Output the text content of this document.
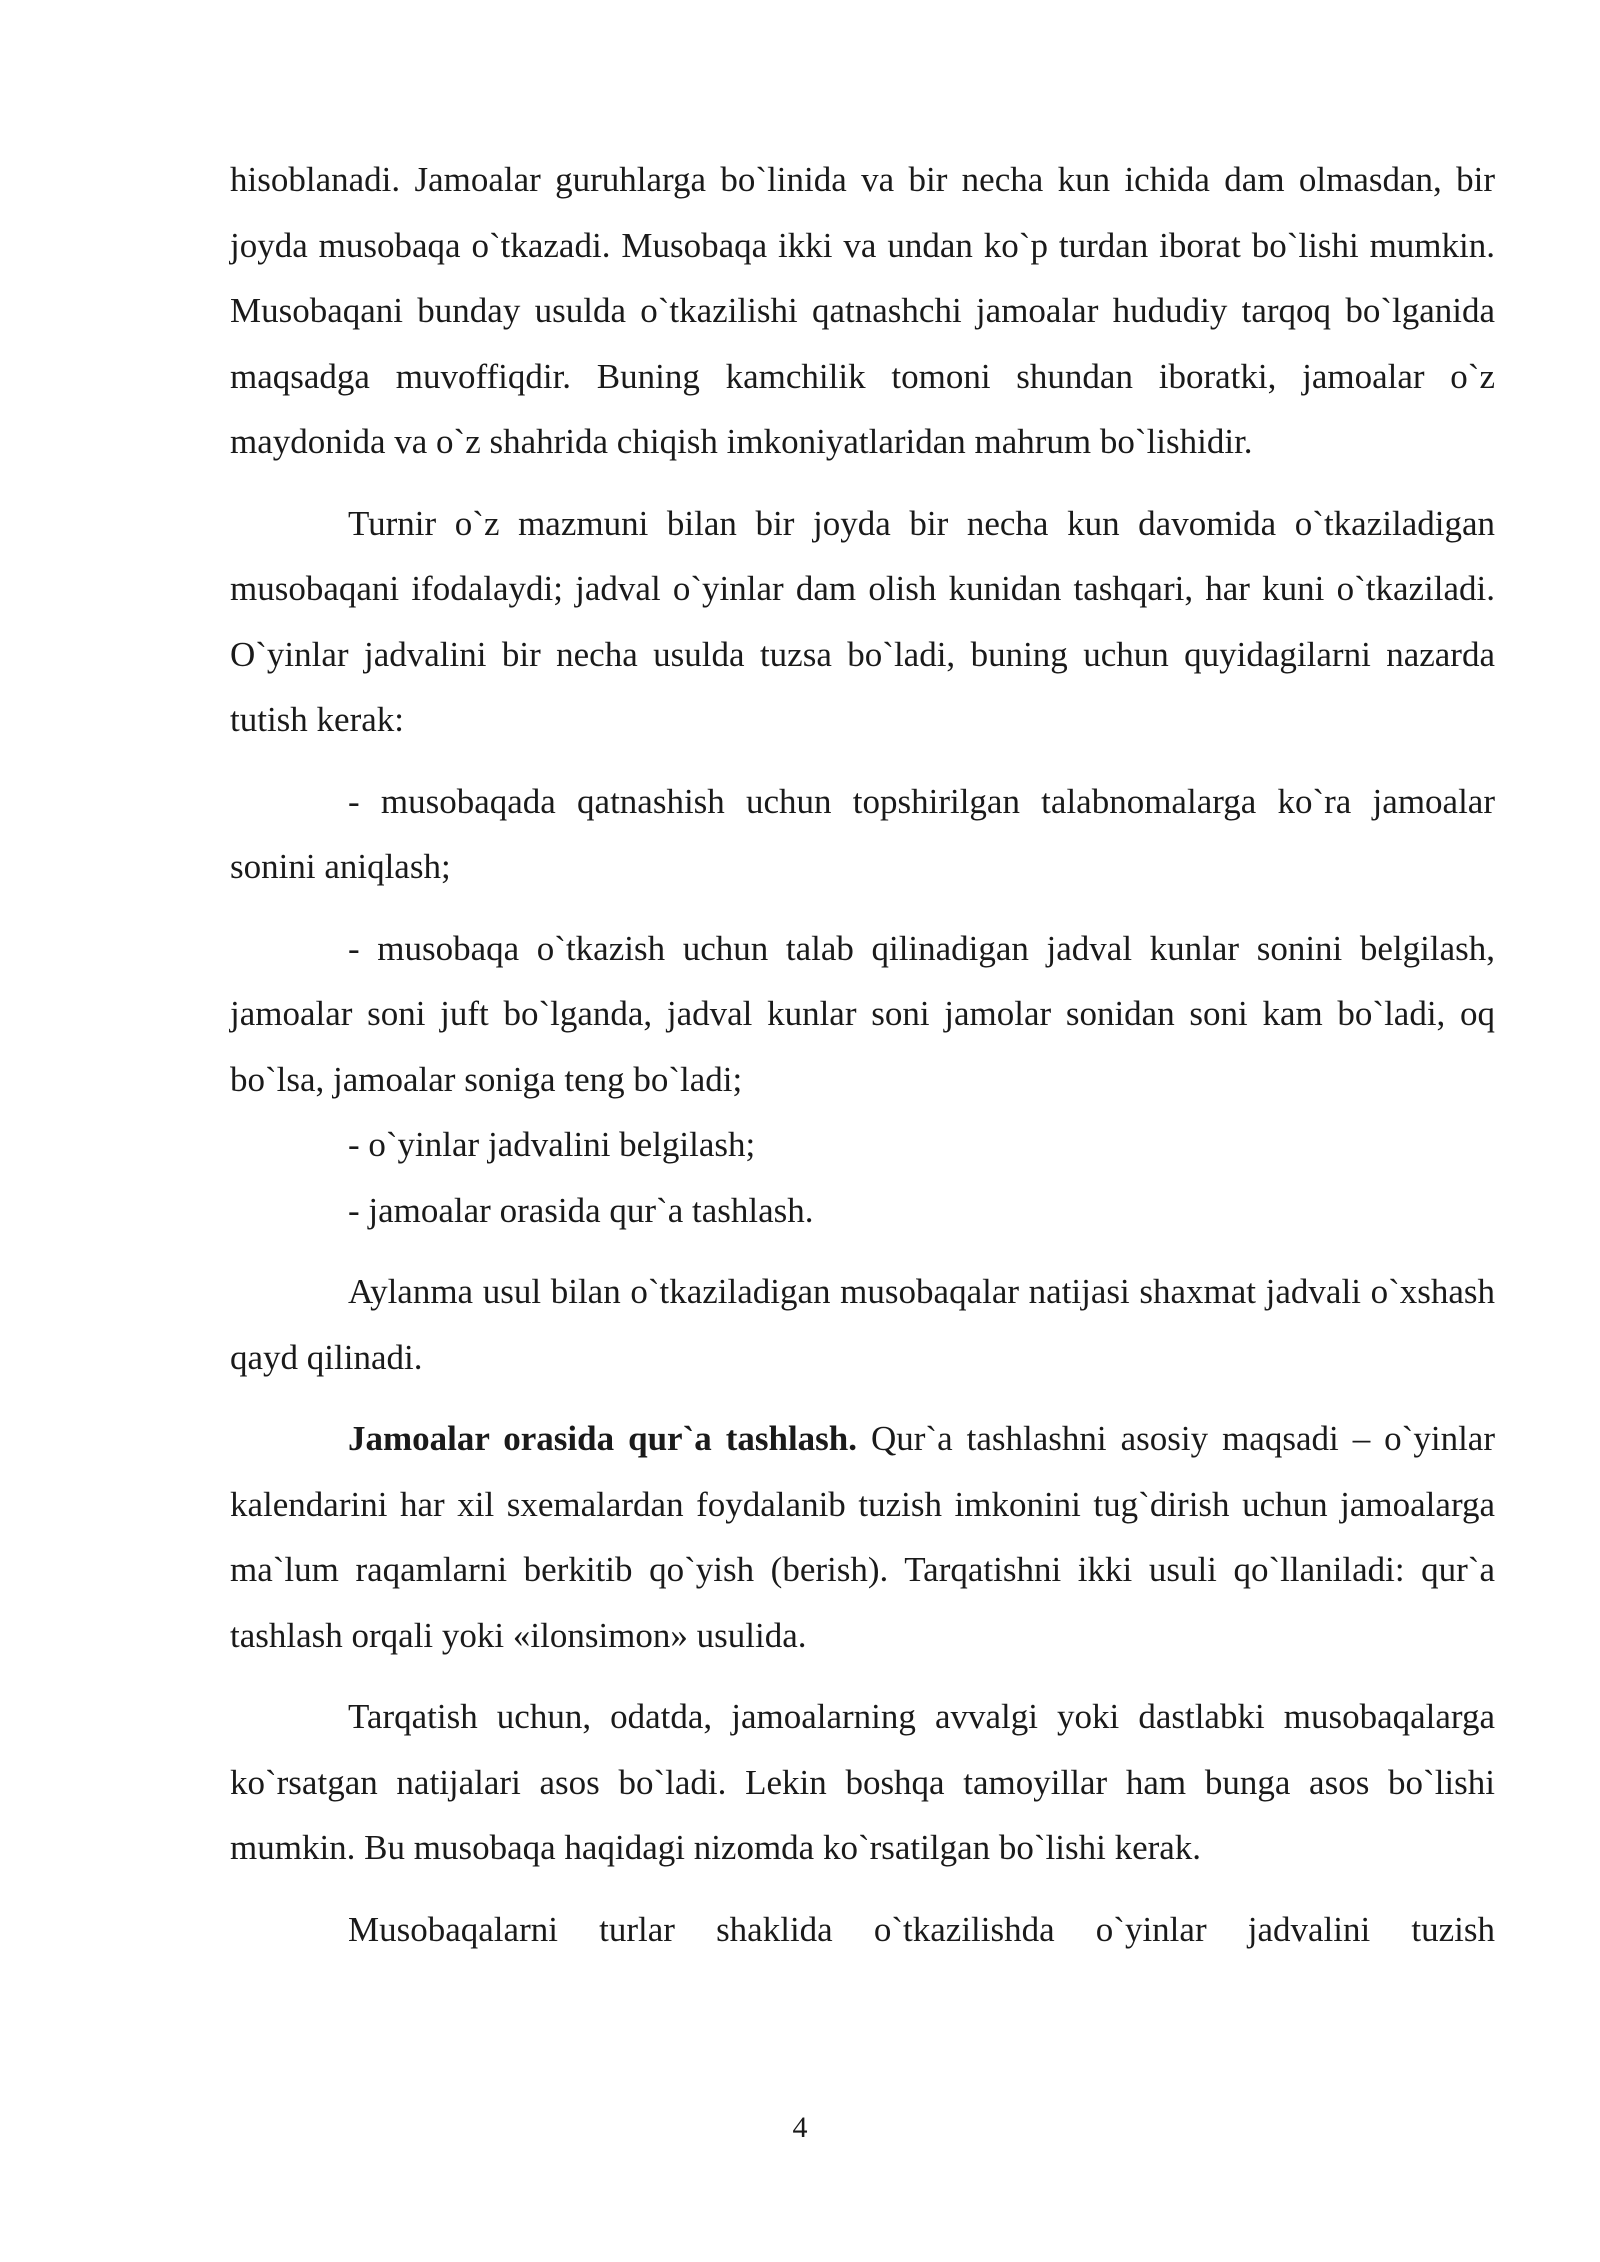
hisoblanadi. Jamoalar guruhlarga bo`linida va bir necha kun ichida dam olmasdan, bir joyda musobaqa o`tkazadi. Musobaqa ikki va undan ko`p turdan iborat bo`lishi mumkin. Musobaqani bunday usulda o`tkazilishi qatnashchi jamoalar hududiy tarqoq bo`lganida maqsadga muvoffiqdir. Buning kamchilik tomoni shundan iboratki, jamoalar o`z maydonida va o`z shahrida chiqish imkoniyatlaridan mahrum bo`lishidir.

Turnir o`z mazmuni bilan bir joyda bir necha kun davomida o`tkaziladigan musobaqani ifodalaydi; jadval o`yinlar dam olish kunidan tashqari, har kuni o`tkaziladi. O`yinlar jadvalini bir necha usulda tuzsa bo`ladi, buning uchun quyidagilarni nazarda tutish kerak:

- musobaqada qatnashish uchun topshirilgan talabnomalarga ko`ra jamoalar sonini aniqlash;

- musobaqa o`tkazish uchun talab qilinadigan jadval kunlar sonini belgilash, jamoalar soni juft bo`lganda, jadval kunlar soni jamolar sonidan soni kam bo`ladi, oq bo`lsa, jamoalar soniga teng bo`ladi;

- o`yinlar jadvalini belgilash;

- jamoalar orasida qur`a tashlash.

Aylanma usul bilan o`tkaziladigan musobaqalar natijasi shaxmat jadvali o`xshash qayd qilinadi.

Jamoalar orasida qur`a tashlash. Qur`a tashlashni asosiy maqsadi – o`yinlar kalendarini har xil sxemalardan foydalanib tuzish imkonini tug`dirish uchun jamoalarga ma`lum raqamlarni berkitib qo`yish (berish). Tarqatishni ikki usuli qo`llaniladi: qur`a tashlash orqali yoki «ilonsimon» usulida.

Tarqatish uchun, odatda, jamoalarning avvalgi yoki dastlabki musobaqalarga ko`rsatgan natijalari asos bo`ladi. Lekin boshqa tamoyillar ham bunga asos bo`lishi mumkin. Bu musobaqa haqidagi nizomda ko`rsatilgan bo`lishi kerak.

Musobaqalarni turlar shaklida o`tkazilishda o`yinlar jadvalini tuzish

4
